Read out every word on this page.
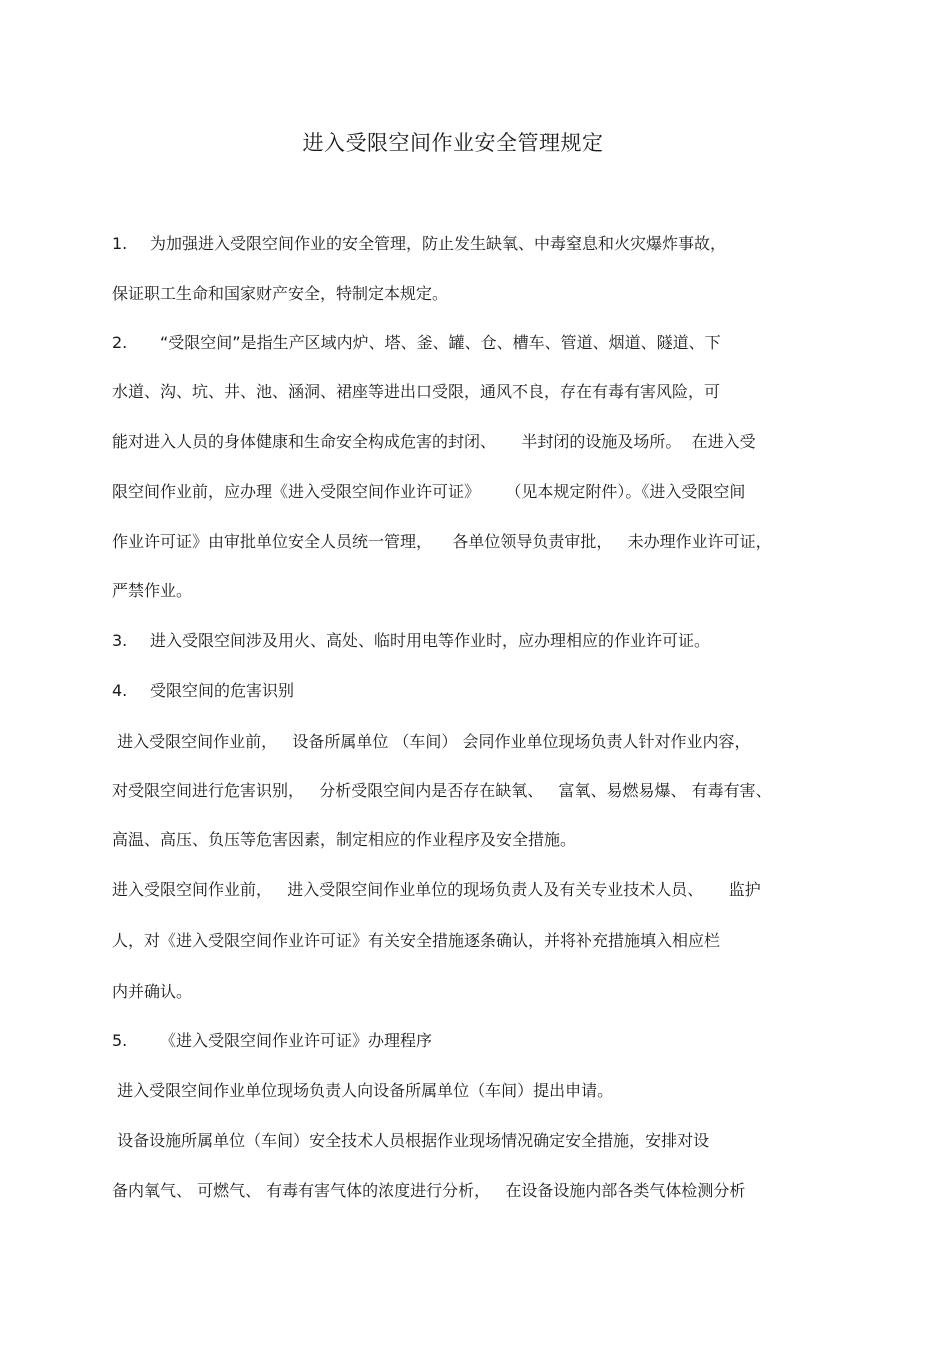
进入受限空间作业安全管理规定
1. 为加强进入受限空间作业的安全管理，防止发生缺氧、中毒窒息和火灾爆炸事故，
保证职工生命和国家财产安全，特制定本规定。
2. “受限空间”是指生产区域内炉、塔、釜、罐、仓、槽车、管道、烟道、隧道、下
水道、沟、坑、井、池、涵洞、裙座等进出口受限，通风不良，存在有毒有害风险，可
能对进入人员的身体健康和生命安全构成危害的封闭、     半封闭的设施及场所。  在进入受
限空间作业前，应办理《进入受限空间作业许可证》     （见本规定附件）。《进入受限空间
作业许可证》由审批单位安全人员统一管理，    各单位领导负责审批，   未办理作业许可证，
严禁作业。
3. 进入受限空间涉及用火、高处、临时用电等作业时，应办理相应的作业许可证。
4. 受限空间的危害识别
进入受限空间作业前，   设备所属单位 （车间） 会同作业单位现场负责人针对作业内容，
对受限空间进行危害识别，   分析受限空间内是否存在缺氧、   富氧、易燃易爆、 有毒有害、
高温、高压、负压等危害因素，制定相应的作业程序及安全措施。
进入受限空间作业前，   进入受限空间作业单位的现场负责人及有关专业技术人员、     监护
人，对《进入受限空间作业许可证》有关安全措施逐条确认，并将补充措施填入相应栏
内并确认。
5. 《进入受限空间作业许可证》办理程序
进入受限空间作业单位现场负责人向设备所属单位（车间）提出申请。
设备设施所属单位（车间）安全技术人员根据作业现场情况确定安全措施，安排对设
备内氧气、 可燃气、 有毒有害气体的浓度进行分析，   在设备设施内部各类气体检测分析
